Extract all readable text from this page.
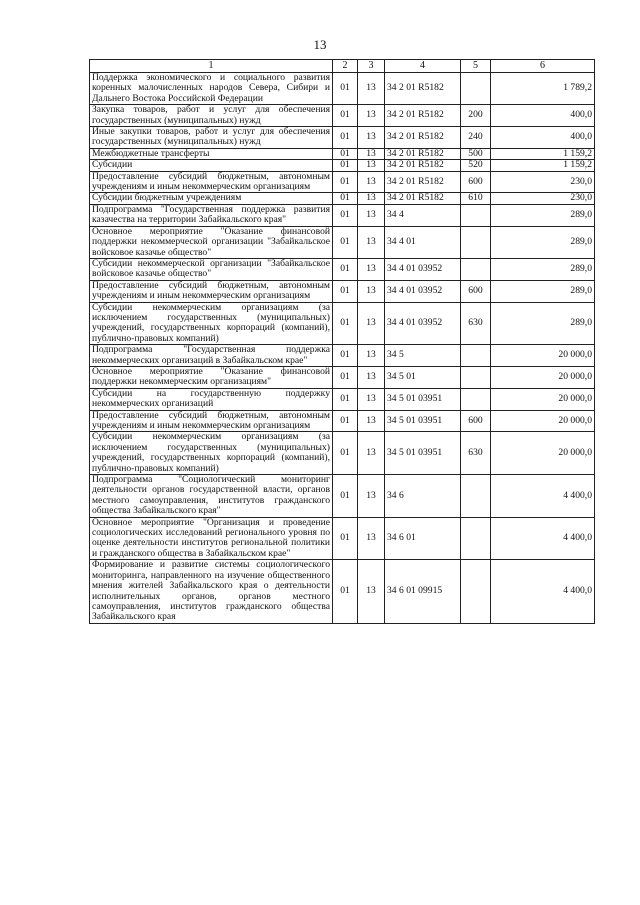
13
1	2	3	4	5	6
Поддержка экономического и социального развития коренных малочисленных народов Севера, Сибири и Дальнего Востока Российской Федерации	01	13	34 2 01 R5182		1 789,2
Закупка товаров, работ и услуг для обеспечения государственных (муниципальных) нужд	01	13	34 2 01 R5182	200	400,0
Иные закупки товаров, работ и услуг для обеспечения государственных (муниципальных) нужд	01	13	34 2 01 R5182	240	400,0
Межбюджетные трансферты	01	13	34 2 01 R5182	500	1 159,2
Субсидии	01	13	34 2 01 R5182	520	1 159,2
Предоставление субсидий бюджетным, автономным учреждениям и иным некоммерческим организациям	01	13	34 2 01 R5182	600	230,0
Субсидии бюджетным учреждениям	01	13	34 2 01 R5182	610	230,0
Подпрограмма "Государственная поддержка развития казачества на территории Забайкальского края"	01	13	34 4		289,0
Основное мероприятие "Оказание финансовой поддержки некоммерческой организации "Забайкальское войсковое казачье общество"	01	13	34 4 01		289,0
Субсидии некоммерческой организации "Забайкальское войсковое казачье общество"	01	13	34 4 01 03952		289,0
Предоставление субсидий бюджетным, автономным учреждениям и иным некоммерческим организациям	01	13	34 4 01 03952	600	289,0
Субсидии некоммерческим организациям (за исключением государственных (муниципальных) учреждений, государственных корпораций (компаний), публично-правовых компаний)	01	13	34 4 01 03952	630	289,0
Подпрограмма "Государственная поддержка некоммерческих организаций в Забайкальском крае"	01	13	34 5		20 000,0
Основное мероприятие "Оказание финансовой поддержки некоммерческим организациям"	01	13	34 5 01		20 000,0
Субсидии на государственную поддержку некоммерческих организаций	01	13	34 5 01 03951		20 000,0
Предоставление субсидий бюджетным, автономным учреждениям и иным некоммерческим организациям	01	13	34 5 01 03951	600	20 000,0
Субсидии некоммерческим организациям (за исключением государственных (муниципальных) учреждений, государственных корпораций (компаний), публично-правовых компаний)	01	13	34 5 01 03951	630	20 000,0
Подпрограмма "Социологический мониторинг деятельности органов государственной власти, органов местного самоуправления, институтов гражданского общества Забайкальского края"	01	13	34 6		4 400,0
Основное мероприятие "Организация и проведение социологических исследований регионального уровня по оценке деятельности институтов региональной политики и гражданского общества в Забайкальском крае"	01	13	34 6 01		4 400,0
Формирование и развитие системы социологического мониторинга, направленного на изучение общественного мнения жителей Забайкальского края о деятельности исполнительных органов, органов местного самоуправления, институтов гражданского общества Забайкальского края	01	13	34 6 01 09915		4 400,0
